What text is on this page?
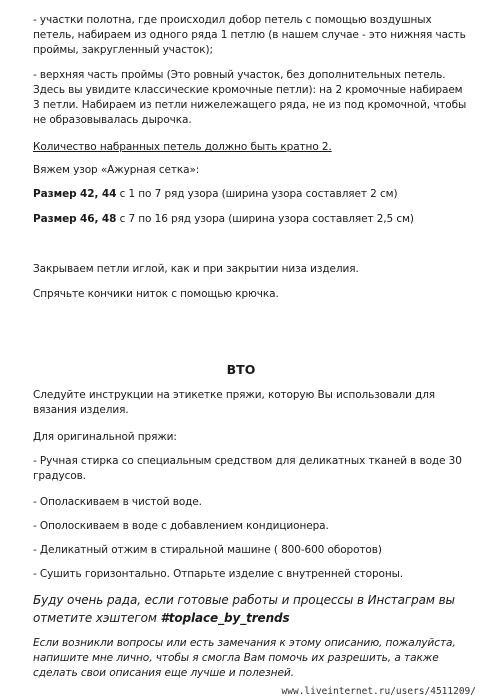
- участки полотна, где происходил добор петель с помощью воздушных петель, набираем из одного ряда 1 петлю (в нашем случае - это нижняя часть проймы, закругленный участок);

- верхняя часть проймы (Это ровный участок, без дополнительных петель. Здесь вы увидите классические кромочные петли): на 2 кромочные набираем 3 петли. Набираем из петли нижележащего ряда, не из под кромочной, чтобы не образовывалась дырочка.

Количество набранных петель должно быть кратно 2.

Вяжем узор «Ажурная сетка»:

Размер 42, 44 с 1 по 7 ряд узора (ширина узора составляет 2 см)

Размер 46, 48 с 7 по 16 ряд узора (ширина узора составляет 2,5 см)

Закрываем петли иглой, как и при закрытии низа изделия.

Спрячьте кончики ниток с помощью крючка.

ВТО

Следуйте инструкции на этикетке пряжи, которую Вы использовали для вязания изделия.

Для оригинальной пряжи:

- Ручная стирка со специальным средством для деликатных тканей в воде 30 градусов.

- Ополаскиваем в чистой воде.

- Ополоскиваем в воде с добавлением кондиционера.

- Деликатный отжим в стиральной машине ( 800-600 оборотов)

- Сушить горизонтально. Отпарьте изделие с внутренней стороны.

Буду очень рада, если готовые работы и процессы в Инстаграм вы отметите хэштегом #toplace_by_trends

Если возникли вопросы или есть замечания к этому описанию, пожалуйста, напишите мне лично, чтобы я смогла Вам помочь их разрешить, а также сделать свои описания еще лучше и полезней.

www.liveinternet.ru/users/4511209/
